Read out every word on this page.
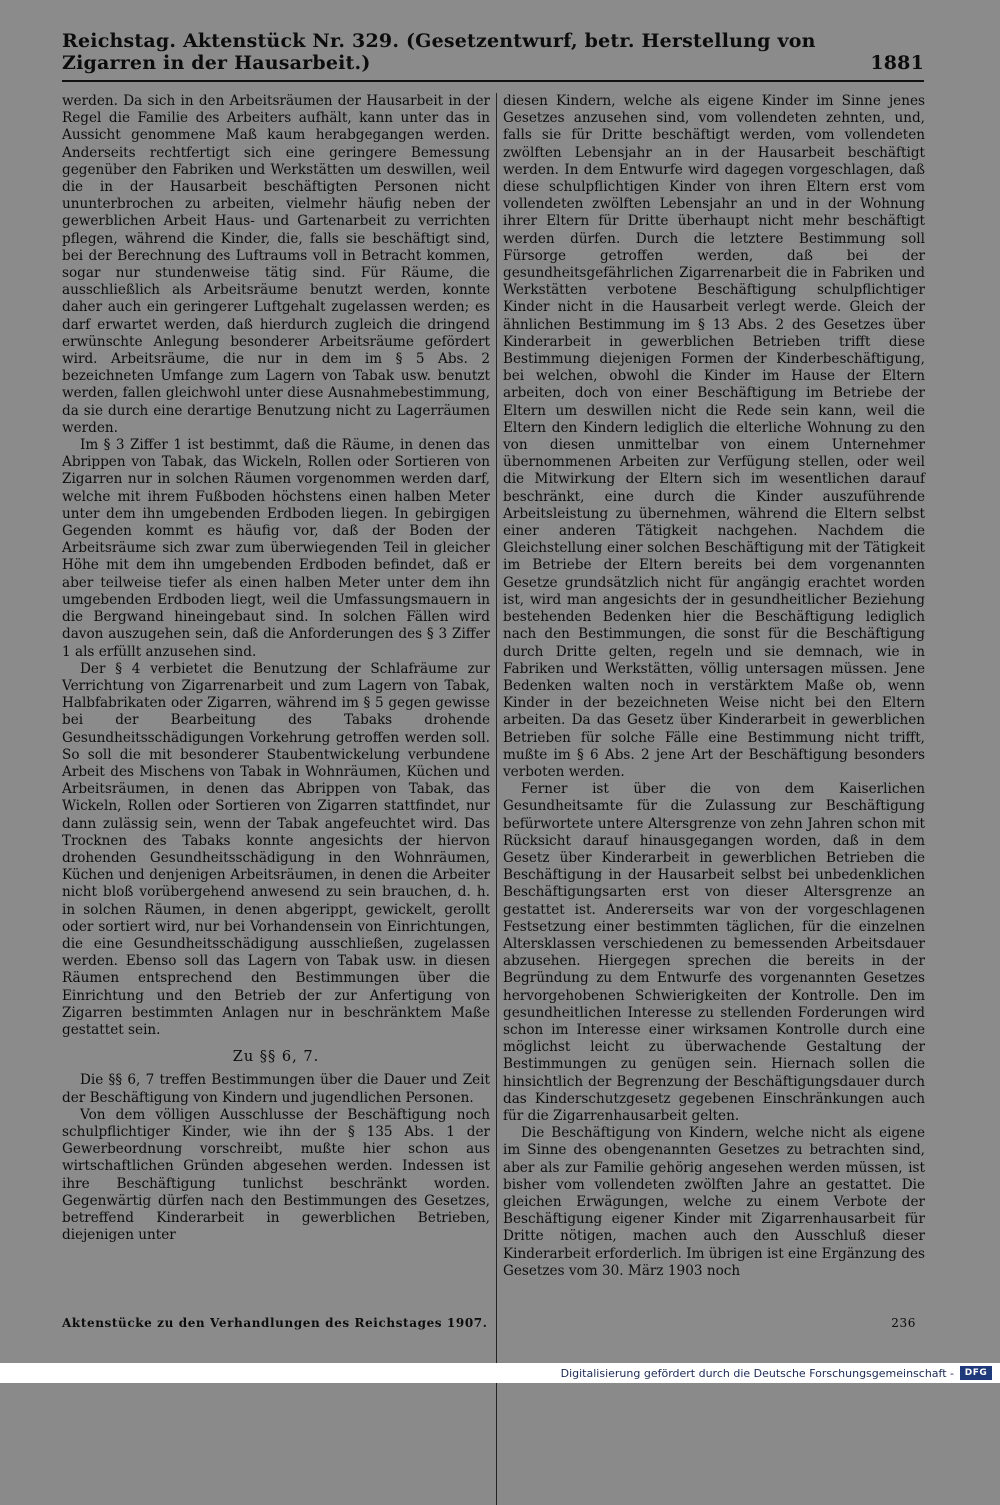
Reichstag. Aktenstück Nr. 329. (Gesetzentwurf, betr. Herstellung von Zigarren in der Hausarbeit.)	1881

werden. Da sich in den Arbeitsräumen der Hausarbeit in der Regel die Familie des Arbeiters aufhält, kann unter das in Aussicht genommene Maß kaum herabgegangen werden. Anderseits rechtfertigt sich eine geringere Bemessung gegenüber den Fabriken und Werkstätten um deswillen, weil die in der Hausarbeit beschäftigten Personen nicht ununterbrochen zu arbeiten, vielmehr häufig neben der gewerblichen Arbeit Haus- und Gartenarbeit zu verrichten pflegen, während die Kinder, die, falls sie beschäftigt sind, bei der Berechnung des Luftraums voll in Betracht kommen, sogar nur stundenweise tätig sind. Für Räume, die ausschließlich als Arbeitsräume benutzt werden, konnte daher auch ein geringerer Luftgehalt zugelassen werden; es darf erwartet werden, daß hierdurch zugleich die dringend erwünschte Anlegung besonderer Arbeitsräume gefördert wird. Arbeitsräume, die nur in dem im § 5 Abs. 2 bezeichneten Umfange zum Lagern von Tabak usw. benutzt werden, fallen gleichwohl unter diese Ausnahmebestimmung, da sie durch eine derartige Benutzung nicht zu Lagerräumen werden.

Im § 3 Ziffer 1 ist bestimmt, daß die Räume, in denen das Abrippen von Tabak, das Wickeln, Rollen oder Sortieren von Zigarren nur in solchen Räumen vorgenommen werden darf, welche mit ihrem Fußboden höchstens einen halben Meter unter dem ihn umgebenden Erdboden liegen. In gebirgigen Gegenden kommt es häufig vor, daß der Boden der Arbeitsräume sich zwar zum überwiegenden Teil in gleicher Höhe mit dem ihn umgebenden Erdboden befindet, daß er aber teilweise tiefer als einen halben Meter unter dem ihn umgebenden Erdboden liegt, weil die Umfassungsmauern in die Bergwand hineingebaut sind. In solchen Fällen wird davon auszugehen sein, daß die Anforderungen des § 3 Ziffer 1 als erfüllt anzusehen sind.

Der § 4 verbietet die Benutzung der Schlafräume zur Verrichtung von Zigarrenarbeit und zum Lagern von Tabak, Halbfabrikaten oder Zigarren, während im § 5 gegen gewisse bei der Bearbeitung des Tabaks drohende Gesundheitsschädigungen Vorkehrung getroffen werden soll. So soll die mit besonderer Staubentwickelung verbundene Arbeit des Mischens von Tabak in Wohnräumen, Küchen und Arbeitsräumen, in denen das Abrippen von Tabak, das Wickeln, Rollen oder Sortieren von Zigarren stattfindet, nur dann zulässig sein, wenn der Tabak angefeuchtet wird. Das Trocknen des Tabaks konnte angesichts der hiervon drohenden Gesundheitsschädigung in den Wohnräumen, Küchen und denjenigen Arbeitsräumen, in denen die Arbeiter nicht bloß vorübergehend anwesend zu sein brauchen, d. h. in solchen Räumen, in denen abgerippt, gewickelt, gerollt oder sortiert wird, nur bei Vorhandensein von Einrichtungen, die eine Gesundheitsschädigung ausschließen, zugelassen werden. Ebenso soll das Lagern von Tabak usw. in diesen Räumen entsprechend den Bestimmungen über die Einrichtung und den Betrieb der zur Anfertigung von Zigarren bestimmten Anlagen nur in beschränktem Maße gestattet sein.

Zu §§ 6, 7.

Die §§ 6, 7 treffen Bestimmungen über die Dauer und Zeit der Beschäftigung von Kindern und jugendlichen Personen.

Von dem völligen Ausschlusse der Beschäftigung noch schulpflichtiger Kinder, wie ihn der § 135 Abs. 1 der Gewerbeordnung vorschreibt, mußte hier schon aus wirtschaftlichen Gründen abgesehen werden. Indessen ist ihre Beschäftigung tunlichst beschränkt worden. Gegenwärtig dürfen nach den Bestimmungen des Gesetzes, betreffend Kinderarbeit in gewerblichen Betrieben, diejenigen unter

diesen Kindern, welche als eigene Kinder im Sinne jenes Gesetzes anzusehen sind, vom vollendeten zehnten, und, falls sie für Dritte beschäftigt werden, vom vollendeten zwölften Lebensjahr an in der Hausarbeit beschäftigt werden. In dem Entwurfe wird dagegen vorgeschlagen, daß diese schulpflichtigen Kinder von ihren Eltern erst vom vollendeten zwölften Lebensjahr an und in der Wohnung ihrer Eltern für Dritte überhaupt nicht mehr beschäftigt werden dürfen. Durch die letztere Bestimmung soll Fürsorge getroffen werden, daß bei der gesundheitsgefährlichen Zigarrenarbeit die in Fabriken und Werkstätten verbotene Beschäftigung schulpflichtiger Kinder nicht in die Hausarbeit verlegt werde. Gleich der ähnlichen Bestimmung im § 13 Abs. 2 des Gesetzes über Kinderarbeit in gewerblichen Betrieben trifft diese Bestimmung diejenigen Formen der Kinderbeschäftigung, bei welchen, obwohl die Kinder im Hause der Eltern arbeiten, doch von einer Beschäftigung im Betriebe der Eltern um deswillen nicht die Rede sein kann, weil die Eltern den Kindern lediglich die elterliche Wohnung zu den von diesen unmittelbar von einem Unternehmer übernommenen Arbeiten zur Verfügung stellen, oder weil die Mitwirkung der Eltern sich im wesentlichen darauf beschränkt, eine durch die Kinder auszuführende Arbeitsleistung zu übernehmen, während die Eltern selbst einer anderen Tätigkeit nachgehen. Nachdem die Gleichstellung einer solchen Beschäftigung mit der Tätigkeit im Betriebe der Eltern bereits bei dem vorgenannten Gesetze grundsätzlich nicht für angängig erachtet worden ist, wird man angesichts der in gesundheitlicher Beziehung bestehenden Bedenken hier die Beschäftigung lediglich nach den Bestimmungen, die sonst für die Beschäftigung durch Dritte gelten, regeln und sie demnach, wie in Fabriken und Werkstätten, völlig untersagen müssen. Jene Bedenken walten noch in verstärktem Maße ob, wenn Kinder in der bezeichneten Weise nicht bei den Eltern arbeiten. Da das Gesetz über Kinderarbeit in gewerblichen Betrieben für solche Fälle eine Bestimmung nicht trifft, mußte im § 6 Abs. 2 jene Art der Beschäftigung besonders verboten werden.

Ferner ist über die von dem Kaiserlichen Gesundheitsamte für die Zulassung zur Beschäftigung befürwortete untere Altersgrenze von zehn Jahren schon mit Rücksicht darauf hinausgegangen worden, daß in dem Gesetz über Kinderarbeit in gewerblichen Betrieben die Beschäftigung in der Hausarbeit selbst bei unbedenklichen Beschäftigungsarten erst von dieser Altersgrenze an gestattet ist. Andererseits war von der vorgeschlagenen Festsetzung einer bestimmten täglichen, für die einzelnen Altersklassen verschiedenen zu bemessenden Arbeitsdauer abzusehen. Hiergegen sprechen die bereits in der Begründung zu dem Entwurfe des vorgenannten Gesetzes hervorgehobenen Schwierigkeiten der Kontrolle. Den im gesundheitlichen Interesse zu stellenden Forderungen wird schon im Interesse einer wirksamen Kontrolle durch eine möglichst leicht zu überwachende Gestaltung der Bestimmungen zu genügen sein. Hiernach sollen die hinsichtlich der Begrenzung der Beschäftigungsdauer durch das Kinderschutzgesetz gegebenen Einschränkungen auch für die Zigarrenhausarbeit gelten.

Die Beschäftigung von Kindern, welche nicht als eigene im Sinne des obengenannten Gesetzes zu betrachten sind, aber als zur Familie gehörig angesehen werden müssen, ist bisher vom vollendeten zwölften Jahre an gestattet. Die gleichen Erwägungen, welche zu einem Verbote der Beschäftigung eigener Kinder mit Zigarrenhausarbeit für Dritte nötigen, machen auch den Ausschluß dieser Kinderarbeit erforderlich. Im übrigen ist eine Ergänzung des Gesetzes vom 30. März 1903 noch

Aktenstücke zu den Verhandlungen des Reichstages 1907.	236
Digitalisierung gefördert durch die Deutsche Forschungsgemeinschaft -	DFG
